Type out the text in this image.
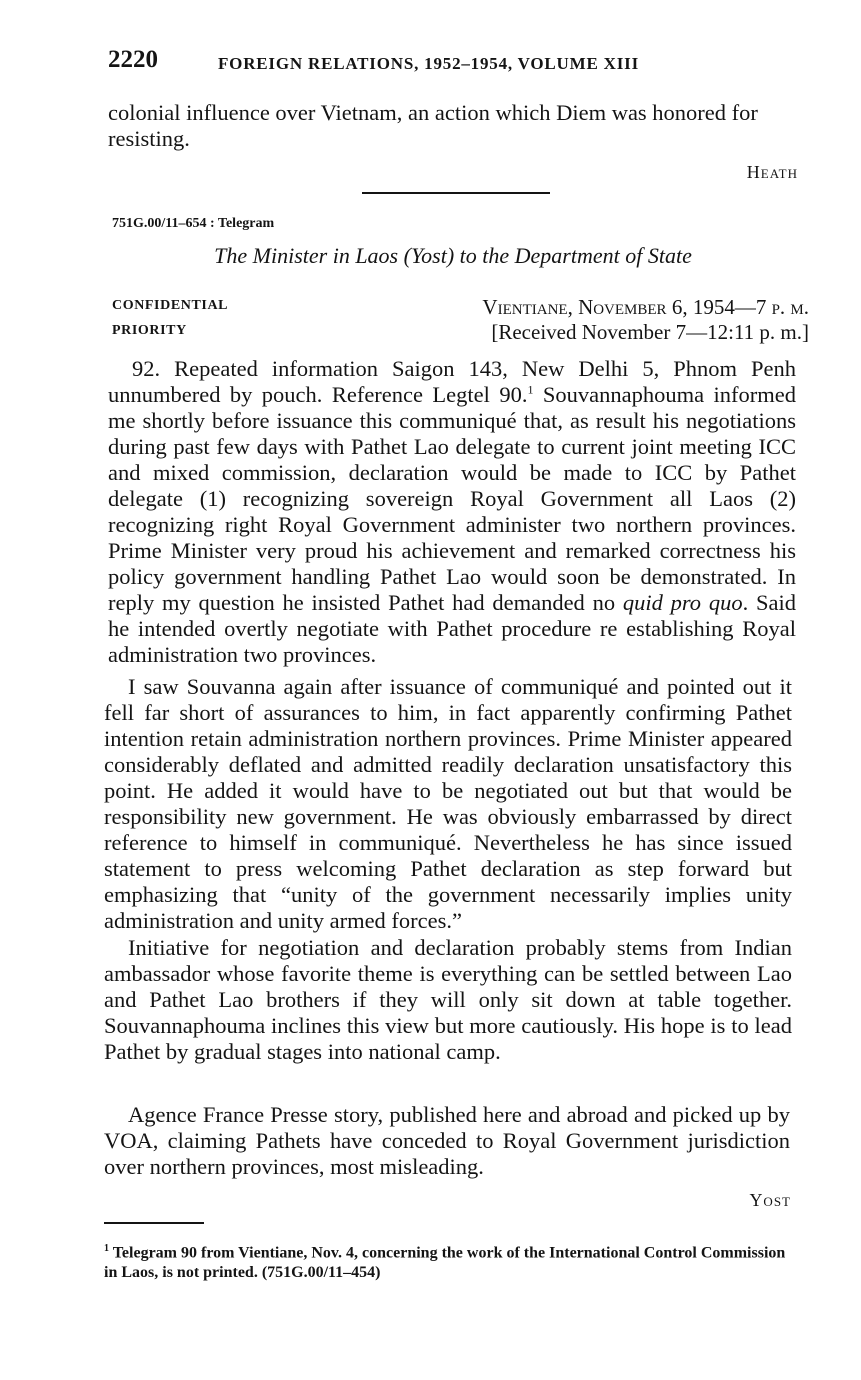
2220	FOREIGN RELATIONS, 1952–1954, VOLUME XIII
colonial influence over Vietnam, an action which Diem was honored for resisting.
Heath
751G.00/11–654 : Telegram
The Minister in Laos (Yost) to the Department of State
CONFIDENTIAL
PRIORITY
Vientiane, November 6, 1954—7 p. m.
[Received November 7—12:11 p. m.]
92. Repeated information Saigon 143, New Delhi 5, Phnom Penh unnumbered by pouch. Reference Legtel 90.$^1$ Souvannaphouma informed me shortly before issuance this communiqué that, as result his negotiations during past few days with Pathet Lao delegate to current joint meeting ICC and mixed commission, declaration would be made to ICC by Pathet delegate (1) recognizing sovereign Royal Government all Laos (2) recognizing right Royal Government administer two northern provinces. Prime Minister very proud his achievement and remarked correctness his policy government handling Pathet Lao would soon be demonstrated. In reply my question he insisted Pathet had demanded no quid pro quo. Said he intended overtly negotiate with Pathet procedure re establishing Royal administration two provinces.
I saw Souvanna again after issuance of communiqué and pointed out it fell far short of assurances to him, in fact apparently confirming Pathet intention retain administration northern provinces. Prime Minister appeared considerably deflated and admitted readily declaration unsatisfactory this point. He added it would have to be negotiated out but that would be responsibility new government. He was obviously embarrassed by direct reference to himself in communiqué. Nevertheless he has since issued statement to press welcoming Pathet declaration as step forward but emphasizing that “unity of the government necessarily implies unity administration and unity armed forces.”
Initiative for negotiation and declaration probably stems from Indian ambassador whose favorite theme is everything can be settled between Lao and Pathet Lao brothers if they will only sit down at table together. Souvannaphouma inclines this view but more cautiously. His hope is to lead Pathet by gradual stages into national camp.
Agence France Presse story, published here and abroad and picked up by VOA, claiming Pathets have conceded to Royal Government jurisdiction over northern provinces, most misleading.
Yost
$^1$ Telegram 90 from Vientiane, Nov. 4, concerning the work of the International Control Commission in Laos, is not printed. (751G.00/11–454)
